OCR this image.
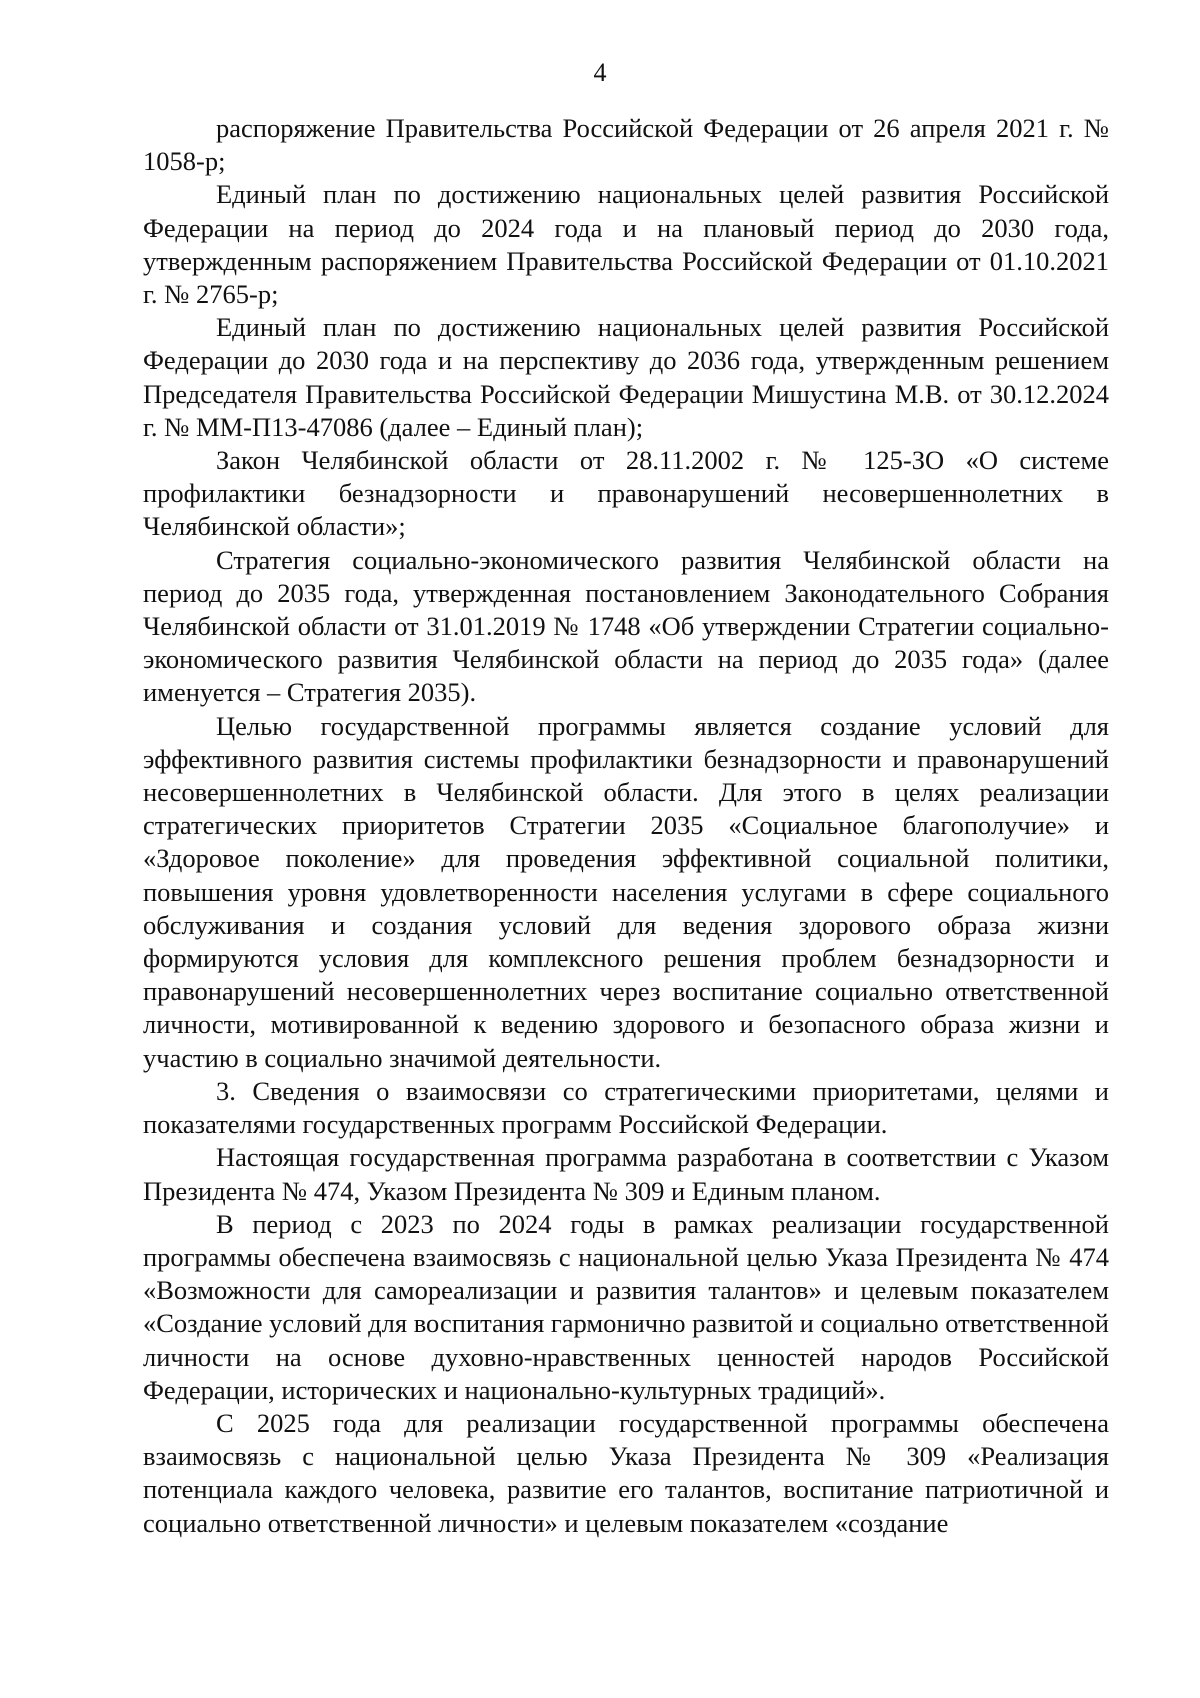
4

распоряжение Правительства Российской Федерации от 26 апреля 2021 г. № 1058-р;

Единый план по достижению национальных целей развития Российской Федерации на период до 2024 года и на плановый период до 2030 года, утвержденным распоряжением Правительства Российской Федерации от 01.10.2021 г. № 2765-р;

Единый план по достижению национальных целей развития Российской Федерации до 2030 года и на перспективу до 2036 года, утвержденным решением Председателя Правительства Российской Федерации Мишустина М.В. от 30.12.2024 г. № ММ-П13-47086 (далее – Единый план);

Закон Челябинской области от 28.11.2002 г. № 125-ЗО «О системе профилактики безнадзорности и правонарушений несовершеннолетних в Челябинской области»;

Стратегия социально-экономического развития Челябинской области на период до 2035 года, утвержденная постановлением Законодательного Собрания Челябинской области от 31.01.2019 № 1748 «Об утверждении Стратегии социально-экономического развития Челябинской области на период до 2035 года» (далее именуется – Стратегия 2035).

Целью государственной программы является создание условий для эффективного развития системы профилактики безнадзорности и правонарушений несовершеннолетних в Челябинской области. Для этого в целях реализации стратегических приоритетов Стратегии 2035 «Социальное благополучие» и «Здоровое поколение» для проведения эффективной социальной политики, повышения уровня удовлетворенности населения услугами в сфере социального обслуживания и создания условий для ведения здорового образа жизни формируются условия для комплексного решения проблем безнадзорности и правонарушений несовершеннолетних через воспитание социально ответственной личности, мотивированной к ведению здорового и безопасного образа жизни и участию в социально значимой деятельности.

3. Сведения о взаимосвязи со стратегическими приоритетами, целями и показателями государственных программ Российской Федерации.

Настоящая государственная программа разработана в соответствии с Указом Президента № 474, Указом Президента № 309 и Единым планом.

В период с 2023 по 2024 годы в рамках реализации государственной программы обеспечена взаимосвязь с национальной целью Указа Президента № 474 «Возможности для самореализации и развития талантов» и целевым показателем «Создание условий для воспитания гармонично развитой и социально ответственной личности на основе духовно-нравственных ценностей народов Российской Федерации, исторических и национально-культурных традиций».

С 2025 года для реализации государственной программы обеспечена взаимосвязь с национальной целью Указа Президента № 309 «Реализация потенциала каждого человека, развитие его талантов, воспитание патриотичной и социально ответственной личности» и целевым показателем «создание
